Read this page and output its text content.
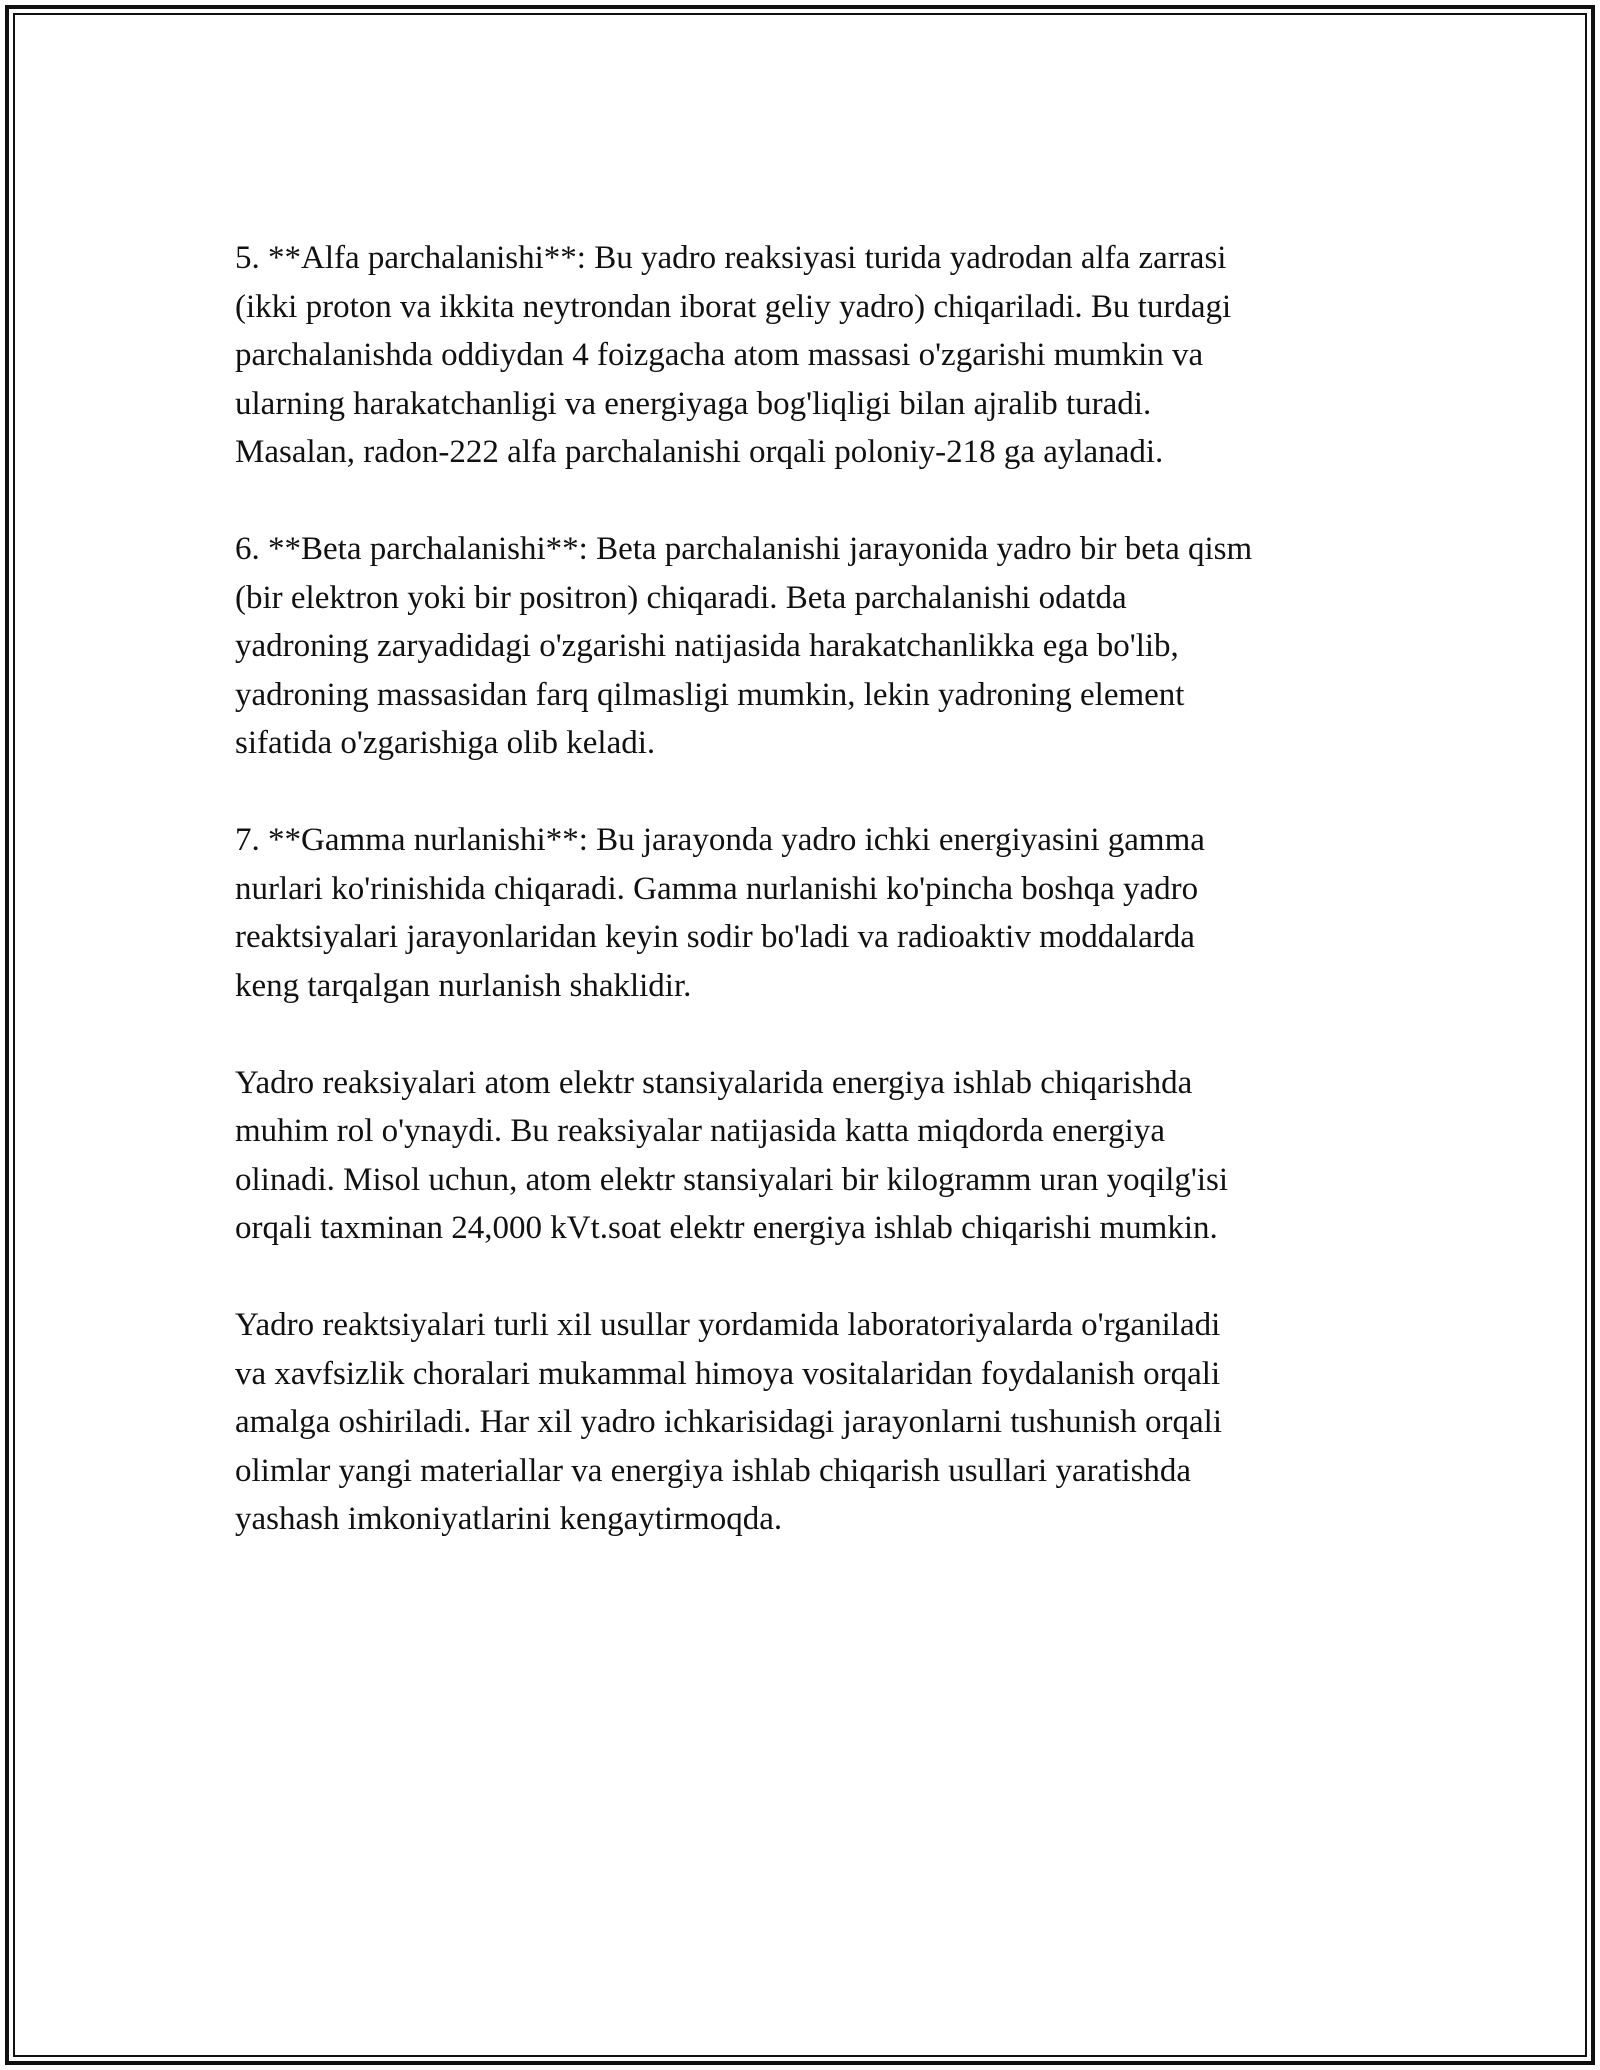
5. **Alfa parchalanishi**: Bu yadro reaksiyasi turida yadrodan alfa zarrasi
(ikki proton va ikkita neytrondan iborat geliy yadro) chiqariladi. Bu turdagi
parchalanishda oddiydan 4 foizgacha atom massasi o'zgarishi mumkin va
ularning harakatchanligi va energiyaga bog'liqligi bilan ajralib turadi.
Masalan, radon-222 alfa parchalanishi orqali poloniy-218 ga aylanadi.

6. **Beta parchalanishi**: Beta parchalanishi jarayonida yadro bir beta qism
(bir elektron yoki bir positron) chiqaradi. Beta parchalanishi odatda
yadroning zaryadidagi o'zgarishi natijasida harakatchanlikka ega bo'lib,
yadroning massasidan farq qilmasligi mumkin, lekin yadroning element
sifatida o'zgarishiga olib keladi.

7. **Gamma nurlanishi**: Bu jarayonda yadro ichki energiyasini gamma
nurlari ko'rinishida chiqaradi. Gamma nurlanishi ko'pincha boshqa yadro
reaktsiyalari jarayonlaridan keyin sodir bo'ladi va radioaktiv moddalarda
keng tarqalgan nurlanish shaklidir.

Yadro reaksiyalari atom elektr stansiyalarida energiya ishlab chiqarishda
muhim rol o'ynaydi. Bu reaksiyalar natijasida katta miqdorda energiya
olinadi. Misol uchun, atom elektr stansiyalari bir kilogramm uran yoqilg'isi
orqali taxminan 24,000 kVt.soat elektr energiya ishlab chiqarishi mumkin.

Yadro reaktsiyalari turli xil usullar yordamida laboratoriyalarda o'rganiladi
va xavfsizlik choralari mukammal himoya vositalaridan foydalanish orqali
amalga oshiriladi. Har xil yadro ichkarisidagi jarayonlarni tushunish orqali
olimlar yangi materiallar va energiya ishlab chiqarish usullari yaratishda
yashash imkoniyatlarini kengaytirmoqda.
